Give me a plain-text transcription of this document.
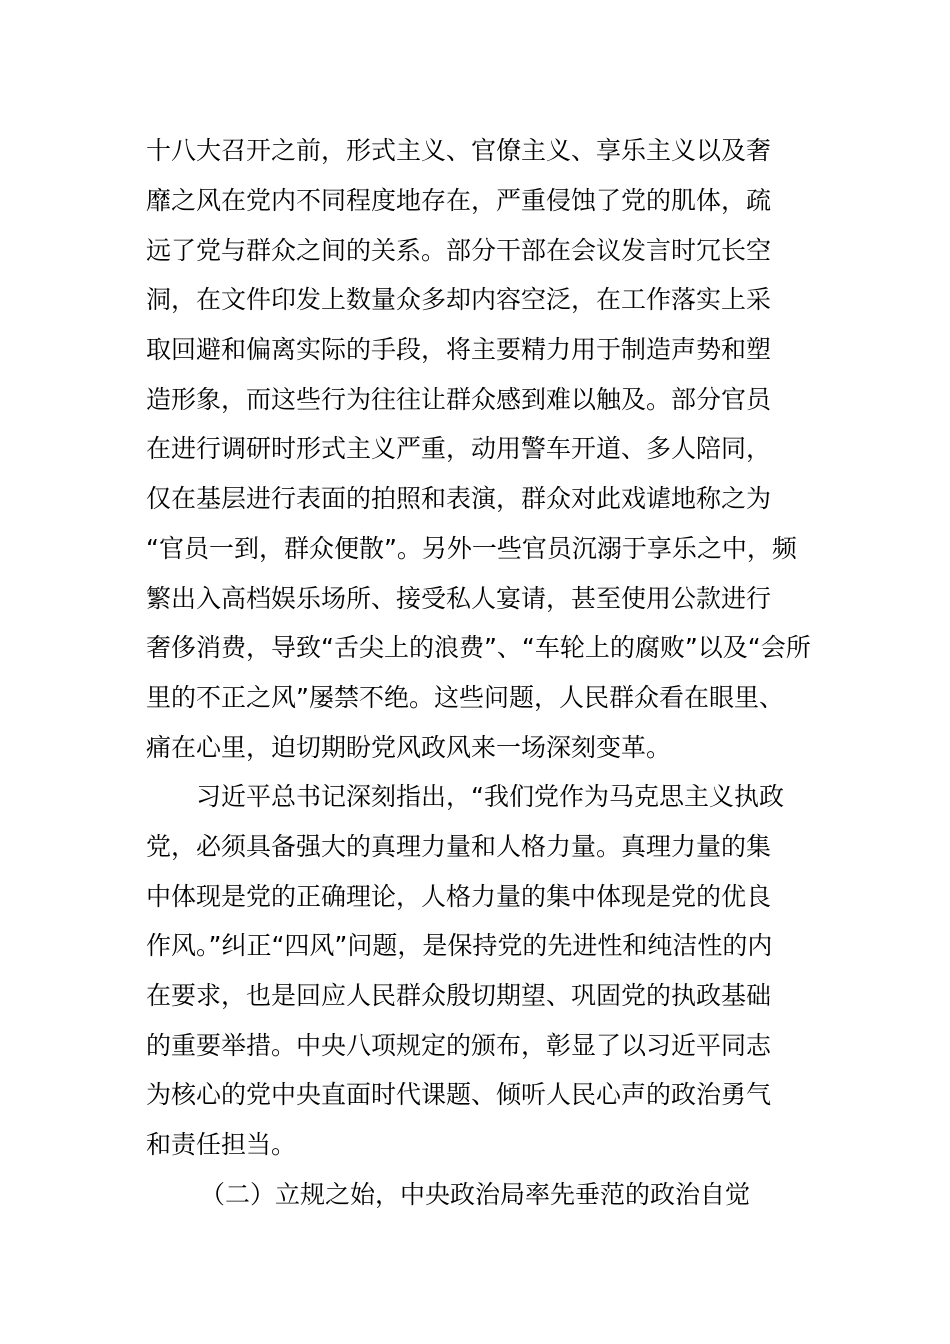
十八大召开之前，形式主义、官僚主义、享乐主义以及奢
靡之风在党内不同程度地存在，严重侵蚀了党的肌体，疏
远了党与群众之间的关系。部分干部在会议发言时冗长空
洞，在文件印发上数量众多却内容空泛，在工作落实上采
取回避和偏离实际的手段，将主要精力用于制造声势和塑
造形象，而这些行为往往让群众感到难以触及。部分官员
在进行调研时形式主义严重，动用警车开道、多人陪同，
仅在基层进行表面的拍照和表演，群众对此戏谑地称之为
“官员一到，群众便散”。另外一些官员沉溺于享乐之中，频
繁出入高档娱乐场所、接受私人宴请，甚至使用公款进行
奢侈消费，导致“舌尖上的浪费”、“车轮上的腐败”以及“会所
里的不正之风”屡禁不绝。这些问题，人民群众看在眼里、
痛在心里，迫切期盼党风政风来一场深刻变革。
习近平总书记深刻指出，“我们党作为马克思主义执政
党，必须具备强大的真理力量和人格力量。真理力量的集
中体现是党的正确理论，人格力量的集中体现是党的优良
作风。”纠正“四风”问题，是保持党的先进性和纯洁性的内
在要求，也是回应人民群众殷切期望、巩固党的执政基础
的重要举措。中央八项规定的颁布，彰显了以习近平同志
为核心的党中央直面时代课题、倾听人民心声的政治勇气
和责任担当。
（二）立规之始，中央政治局率先垂范的政治自觉
